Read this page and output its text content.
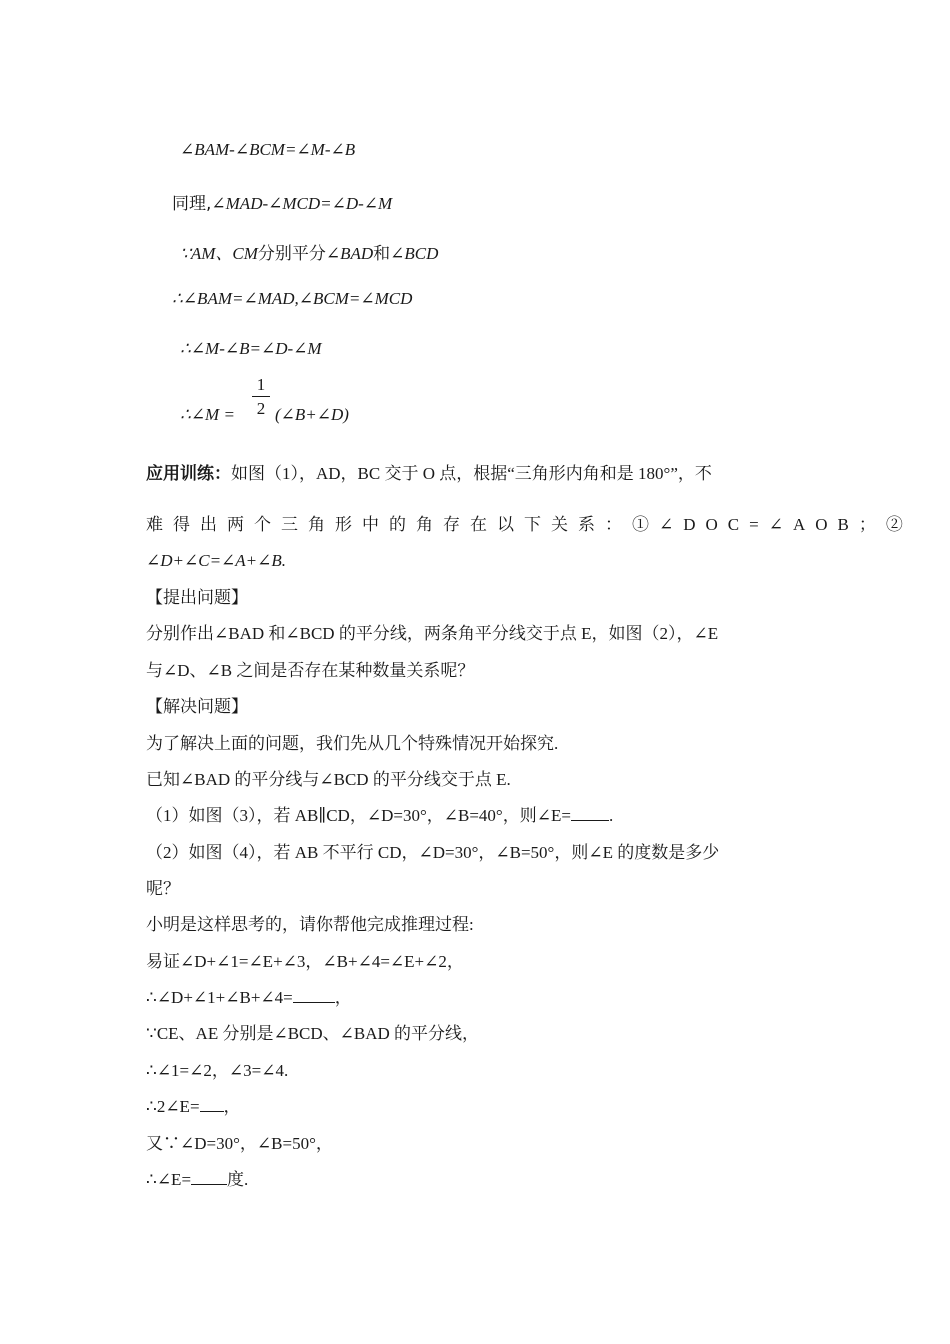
∠BAM-∠BCM=∠M-∠B
同理,∠MAD-∠MCD=∠D-∠M
∵AM、CM分别平分∠BAD和∠BCD
∴∠BAM=∠MAD,∠BCM=∠MCD
∴∠M-∠B=∠D-∠M
∴∠M =
1
2 (∠B+∠D)
应用训练：如图（1），AD，BC 交于 O 点，根据“三角形内角和是 180°”，不
难得出两个三角形中的角存在以下关系：①∠DOC=∠AOB；②
∠D+∠C=∠A+∠B.
【提出问题】
分别作出∠BAD 和∠BCD 的平分线，两条角平分线交于点 E，如图（2），∠E
与∠D、∠B 之间是否存在某种数量关系呢？
【解决问题】
为了解决上面的问题，我们先从几个特殊情况开始探究.
已知∠BAD 的平分线与∠BCD 的平分线交于点 E.
（1）如图（3），若 AB∥CD，∠D=30°，∠B=40°，则∠E= .
（2）如图（4），若 AB 不平行 CD，∠D=30°，∠B=50°，则∠E 的度数是多少
呢？
小明是这样思考的，请你帮他完成推理过程:
易证∠D+∠1=∠E+∠3，∠B+∠4=∠E+∠2，
∴∠D+∠1+∠B+∠4= ，
∵CE、AE 分别是∠BCD、∠BAD 的平分线，
∴∠1=∠2，∠3=∠4.
∴2∠E= ，
又∵∠D=30°，∠B=50°，
∴∠E= 度.
